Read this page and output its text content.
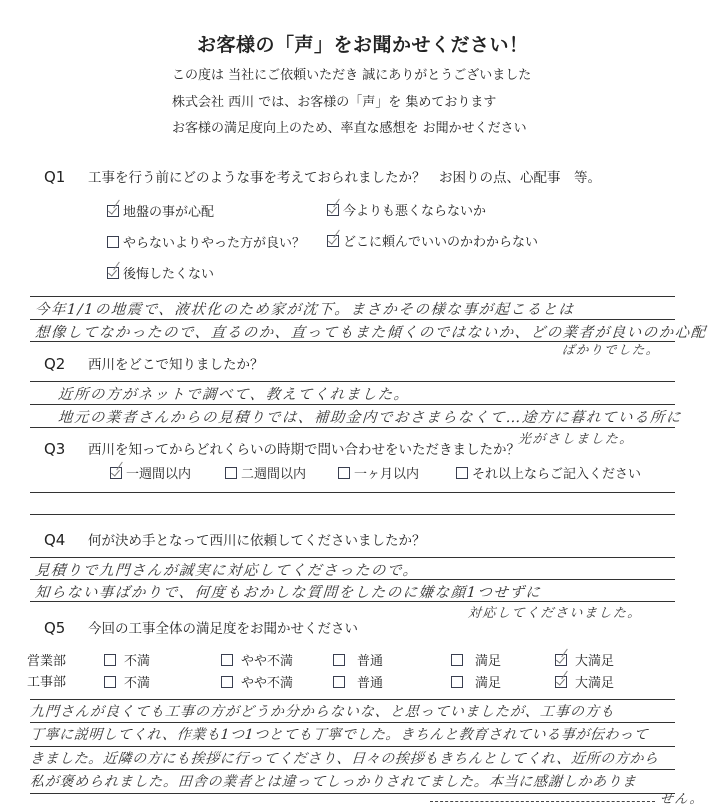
お客様の「声」をお聞かせください！
この度は 当社にご依頼いただき 誠にありがとうございました
株式会社 西川 では、お客様の「声」を 集めております
お客様の満足度向上のため、率直な感想を お聞かせください
Q1 工事を行う前にどのような事を考えておられましたか？　お困りの点、心配事　等。
地盤の事が心配	今よりも悪くならないか
やらないよりやった方が良い？	どこに頼んでいいのかわからない
後悔したくない
今年1/1の地震で、液状化のため家が沈下。まさかその様な事が起こるとは
想像してなかったので、直るのか、直ってもまた傾くのではないか、どの業者が良いのか心配
ばかりでした。
Q2 西川をどこで知りましたか？
近所の方がネットで調べて、教えてくれました。
地元の業者さんからの見積りでは、補助金内でおさまらなくて…途方に暮れている所に
光がさしました。
Q3 西川を知ってからどれくらいの時期で問い合わせをいただきましたか？
一週間以内	二週間以内	一ヶ月以内	それ以上ならご記入ください
Q4 何が決め手となって西川に依頼してくださいましたか？
見積りで九門さんが誠実に対応してくださったので。
知らない事ばかりで、何度もおかしな質問をしたのに嫌な顔1つせずに
対応してくださいました。
Q5 今回の工事全体の満足度をお聞かせください
営業部	不満	やや不満	普通	満足	大満足
工事部	不満	やや不満	普通	満足	大満足
九門さんが良くても工事の方がどうか分からないな、と思っていましたが、工事の方も
丁寧に説明してくれ、作業も1つ1つとても丁寧でした。きちんと教育されている事が伝わって
きました。近隣の方にも挨拶に行ってくださり、日々の挨拶もきちんとしてくれ、近所の方から
私が褒められました。田舎の業者とは違ってしっかりされてました。本当に感謝しかありま
せん。
